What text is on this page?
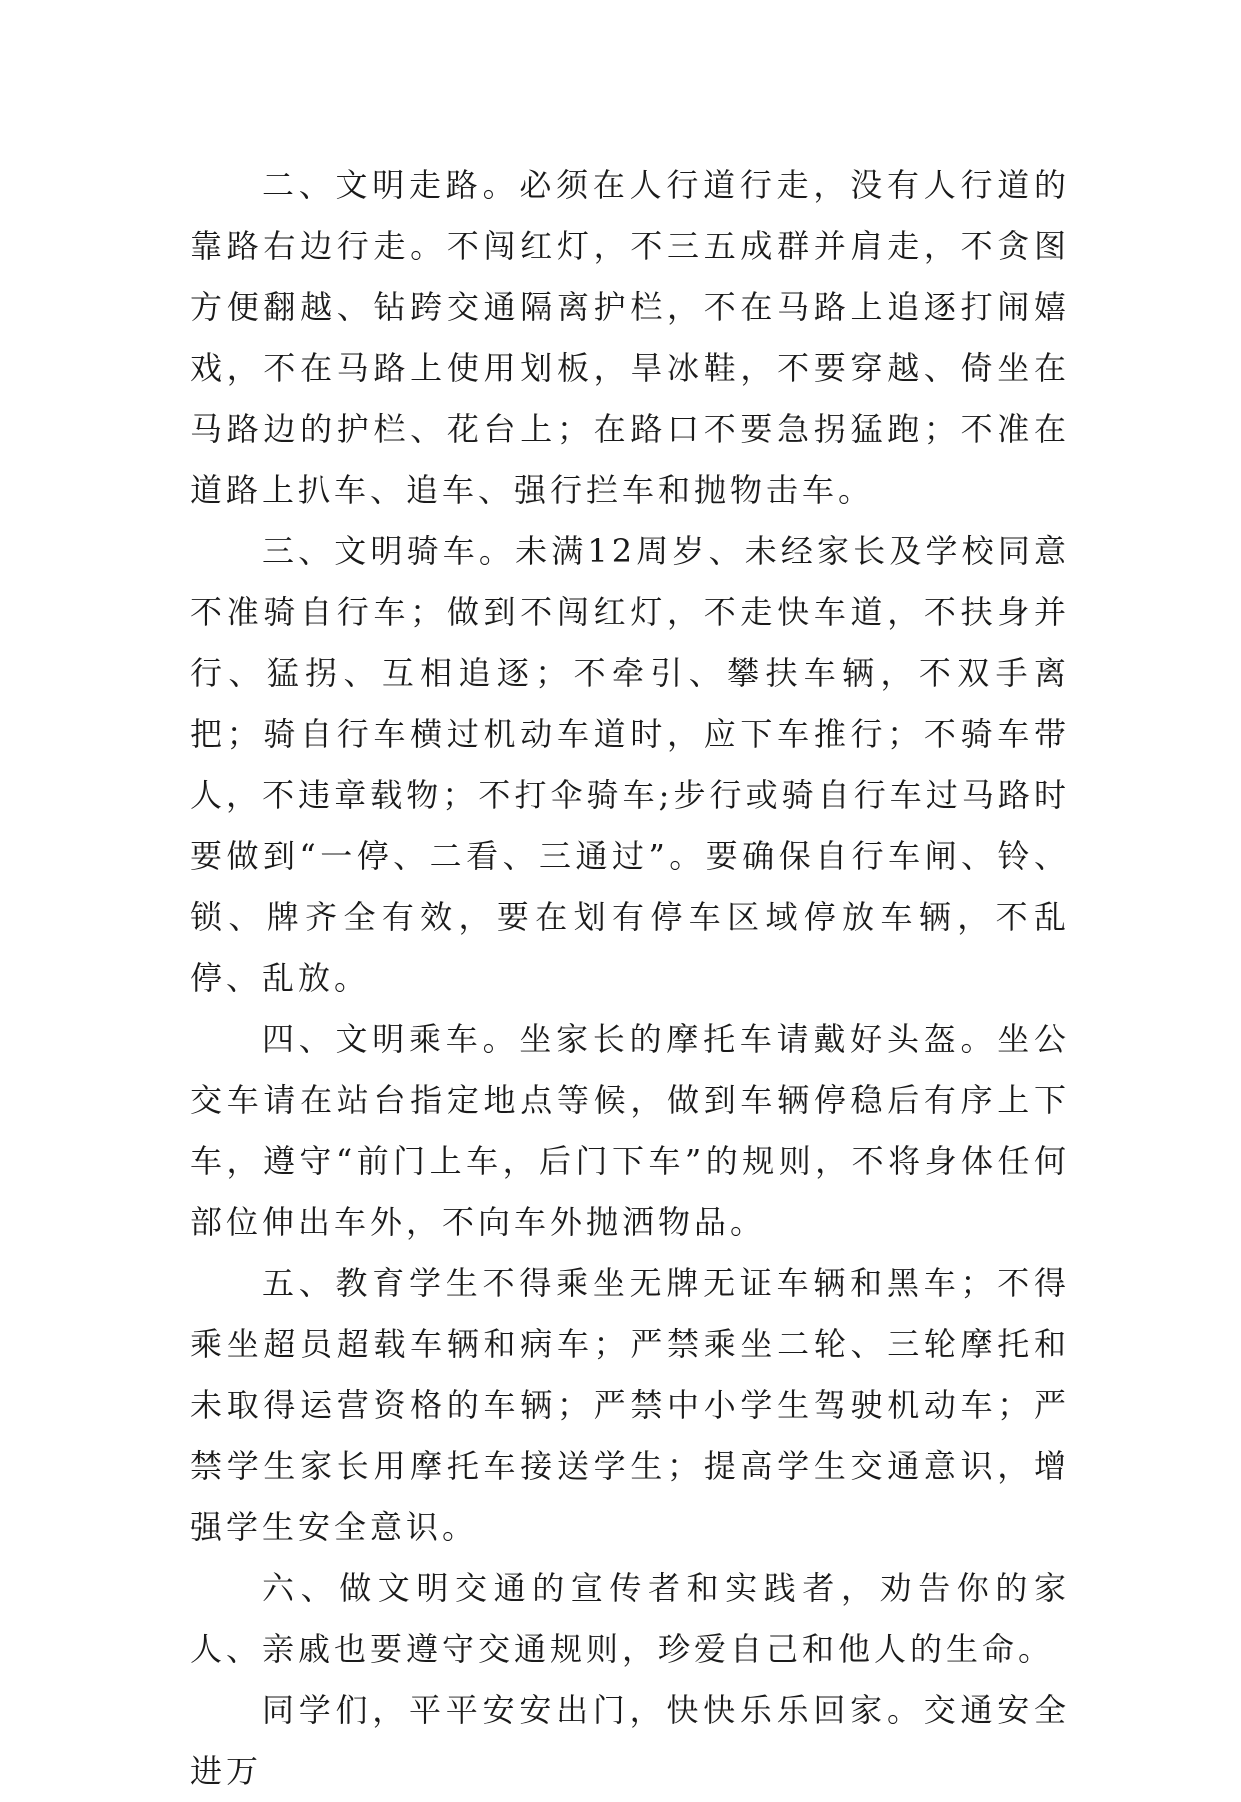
二、文明走路。必须在人行道行走，没有人行道的靠路右边行走。不闯红灯，不三五成群并肩走，不贪图方便翻越、钻跨交通隔离护栏，不在马路上追逐打闹嬉戏，不在马路上使用划板，旱冰鞋，不要穿越、倚坐在马路边的护栏、花台上；在路口不要急拐猛跑；不准在道路上扒车、追车、强行拦车和抛物击车。

三、文明骑车。未满12周岁、未经家长及学校同意不准骑自行车；做到不闯红灯，不走快车道，不扶身并行、猛拐、互相追逐；不牵引、攀扶车辆，不双手离把；骑自行车横过机动车道时，应下车推行；不骑车带人，不违章载物；不打伞骑车;步行或骑自行车过马路时要做到“一停、二看、三通过”。要确保自行车闸、铃、锁、牌齐全有效，要在划有停车区域停放车辆，不乱停、乱放。

四、文明乘车。坐家长的摩托车请戴好头盔。坐公交车请在站台指定地点等候，做到车辆停稳后有序上下车，遵守“前门上车，后门下车”的规则，不将身体任何部位伸出车外，不向车外抛洒物品。

五、教育学生不得乘坐无牌无证车辆和黑车；不得乘坐超员超载车辆和病车；严禁乘坐二轮、三轮摩托和未取得运营资格的车辆；严禁中小学生驾驶机动车；严禁学生家长用摩托车接送学生；提高学生交通意识，增强学生安全意识。

六、做文明交通的宣传者和实践者，劝告你的家人、亲戚也要遵守交通规则，珍爱自己和他人的生命。

同学们，平平安安出门，快快乐乐回家。交通安全进万
